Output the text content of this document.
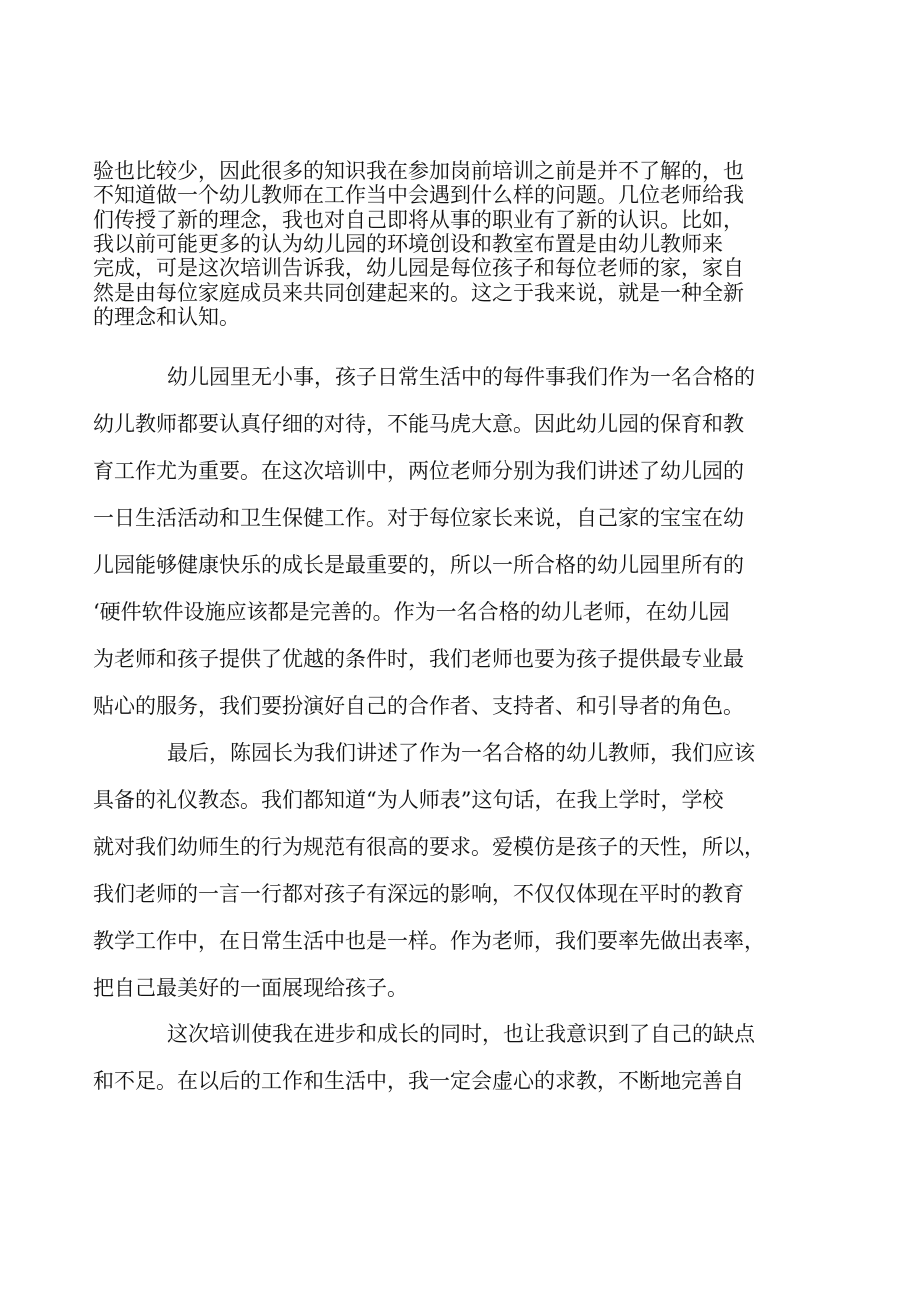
验也比较少，因此很多的知识我在参加岗前培训之前是并不了解的，也
不知道做一个幼儿教师在工作当中会遇到什么样的问题。几位老师给我
们传授了新的理念，我也对自己即将从事的职业有了新的认识。比如，
我以前可能更多的认为幼儿园的环境创设和教室布置是由幼儿教师来
完成，可是这次培训告诉我，幼儿园是每位孩子和每位老师的家，家自
然是由每位家庭成员来共同创建起来的。这之于我来说，就是一种全新
的理念和认知。
幼儿园里无小事，孩子日常生活中的每件事我们作为一名合格的
幼儿教师都要认真仔细的对待，不能马虎大意。因此幼儿园的保育和教
育工作尤为重要。在这次培训中，两位老师分别为我们讲述了幼儿园的
一日生活活动和卫生保健工作。对于每位家长来说，自己家的宝宝在幼
儿园能够健康快乐的成长是最重要的，所以一所合格的幼儿园里所有的
‘硬件软件设施应该都是完善的。作为一名合格的幼儿老师，在幼儿园
为老师和孩子提供了优越的条件时，我们老师也要为孩子提供最专业最
贴心的服务，我们要扮演好自己的合作者、支持者、和引导者的角色。
最后，陈园长为我们讲述了作为一名合格的幼儿教师，我们应该
具备的礼仪教态。我们都知道“为人师表”这句话，在我上学时，学校
就对我们幼师生的行为规范有很高的要求。爱模仿是孩子的天性，所以，
我们老师的一言一行都对孩子有深远的影响，不仅仅体现在平时的教育
教学工作中，在日常生活中也是一样。作为老师，我们要率先做出表率，
把自己最美好的一面展现给孩子。
这次培训使我在进步和成长的同时，也让我意识到了自己的缺点
和不足。在以后的工作和生活中，我一定会虚心的求教，不断地完善自
